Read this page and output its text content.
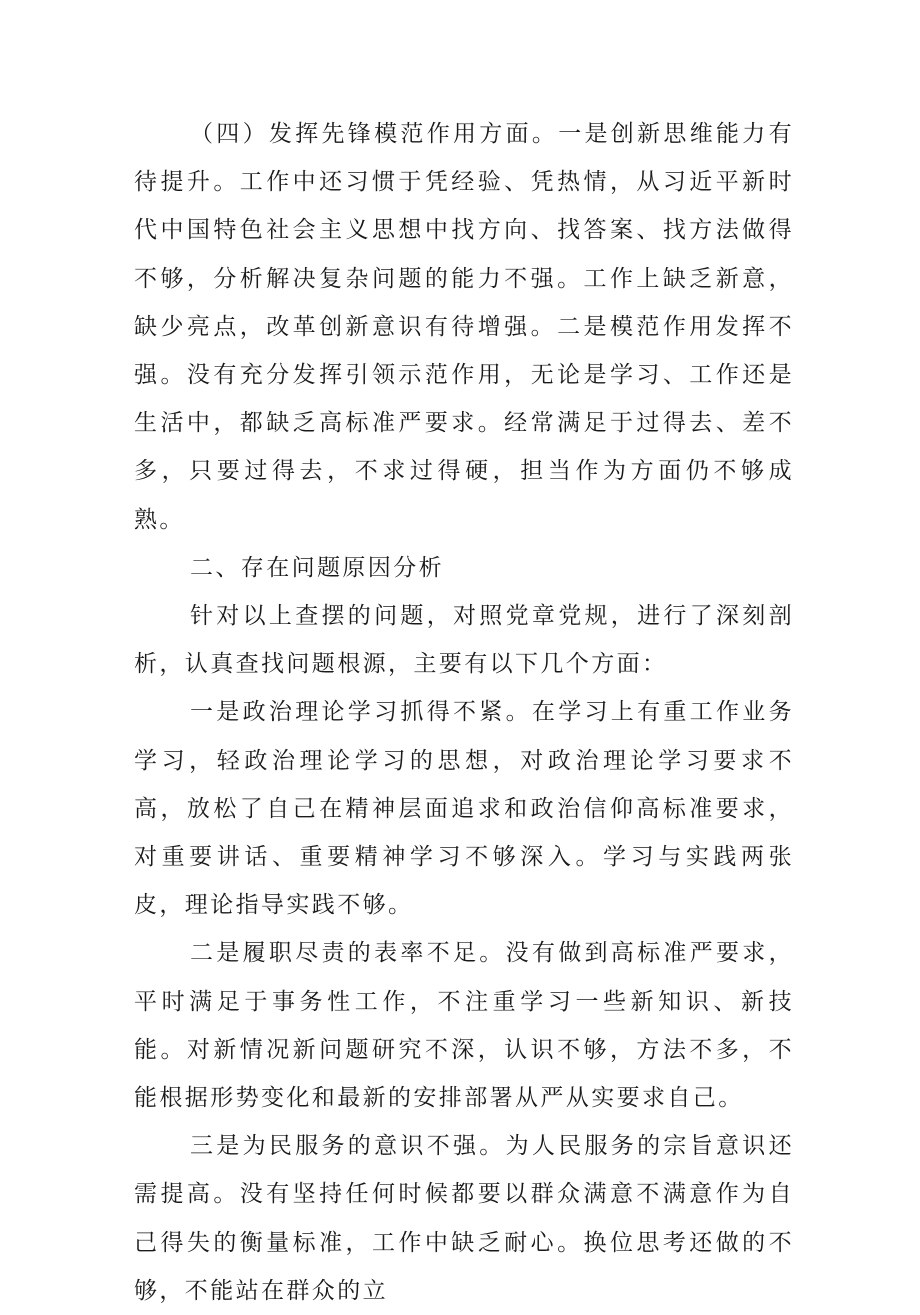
（四）发挥先锋模范作用方面。一是创新思维能力有待提升。工作中还习惯于凭经验、凭热情，从习近平新时代中国特色社会主义思想中找方向、找答案、找方法做得不够，分析解决复杂问题的能力不强。工作上缺乏新意，缺少亮点，改革创新意识有待增强。二是模范作用发挥不强。没有充分发挥引领示范作用，无论是学习、工作还是生活中，都缺乏高标准严要求。经常满足于过得去、差不多，只要过得去，不求过得硬，担当作为方面仍不够成熟。

二、存在问题原因分析

针对以上查摆的问题，对照党章党规，进行了深刻剖析，认真查找问题根源，主要有以下几个方面：

一是政治理论学习抓得不紧。在学习上有重工作业务学习，轻政治理论学习的思想，对政治理论学习要求不高，放松了自己在精神层面追求和政治信仰高标准要求，对重要讲话、重要精神学习不够深入。学习与实践两张皮，理论指导实践不够。

二是履职尽责的表率不足。没有做到高标准严要求，平时满足于事务性工作，不注重学习一些新知识、新技能。对新情况新问题研究不深，认识不够，方法不多，不能根据形势变化和最新的安排部署从严从实要求自己。

三是为民服务的意识不强。为人民服务的宗旨意识还需提高。没有坚持任何时候都要以群众满意不满意作为自己得失的衡量标准，工作中缺乏耐心。换位思考还做的不够，不能站在群众的立
